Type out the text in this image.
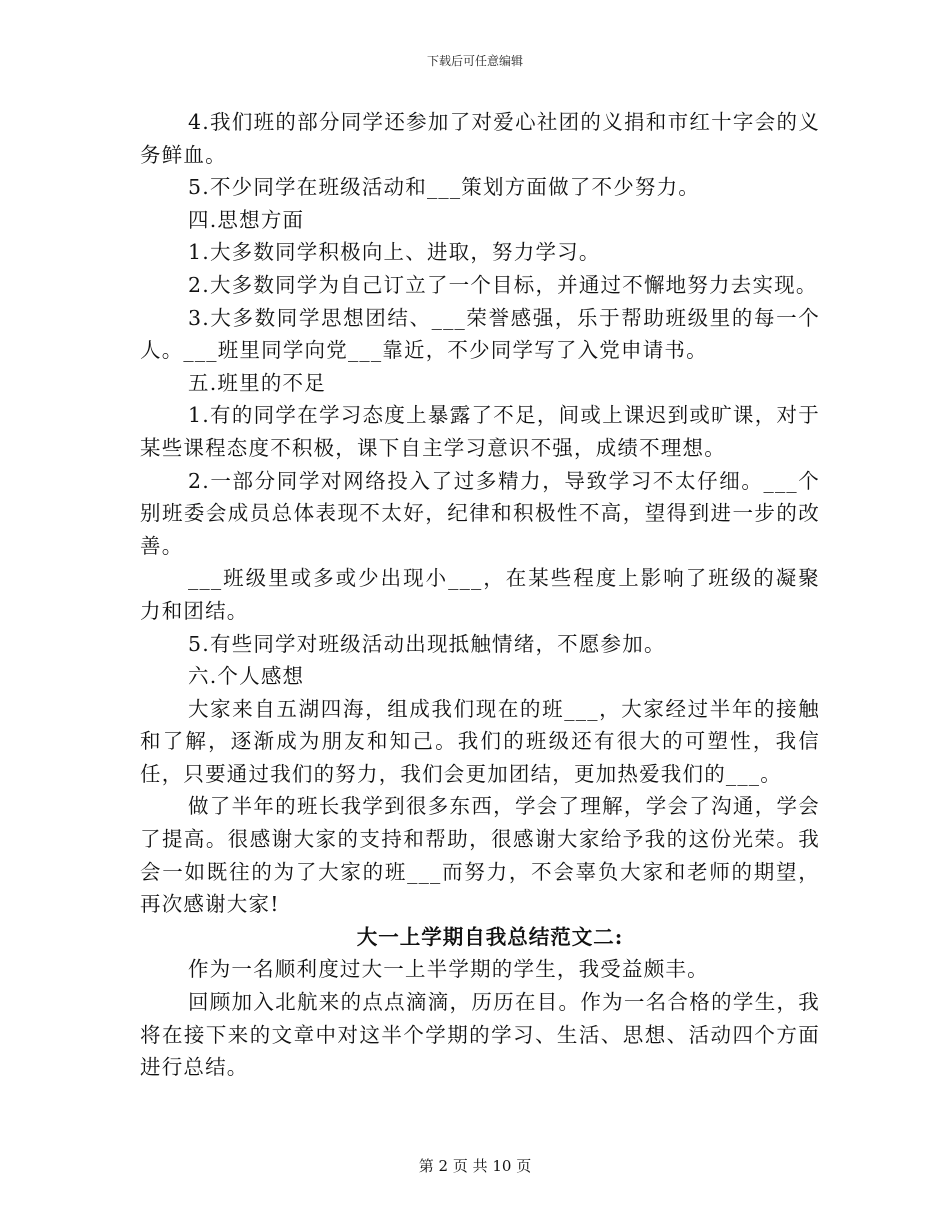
下载后可任意编辑

4.我们班的部分同学还参加了对爱心社团的义捐和市红十字会的义务鲜血。

5.不少同学在班级活动和___策划方面做了不少努力。

四.思想方面

1.大多数同学积极向上、进取，努力学习。

2.大多数同学为自己订立了一个目标，并通过不懈地努力去实现。

3.大多数同学思想团结、___荣誉感强，乐于帮助班级里的每一个人。___班里同学向党___靠近，不少同学写了入党申请书。

五.班里的不足

1.有的同学在学习态度上暴露了不足，间或上课迟到或旷课，对于某些课程态度不积极，课下自主学习意识不强，成绩不理想。

2.一部分同学对网络投入了过多精力，导致学习不太仔细。___个别班委会成员总体表现不太好，纪律和积极性不高，望得到进一步的改善。

___班级里或多或少出现小___，在某些程度上影响了班级的凝聚力和团结。

5.有些同学对班级活动出现抵触情绪，不愿参加。

六.个人感想

大家来自五湖四海，组成我们现在的班___，大家经过半年的接触和了解，逐渐成为朋友和知己。我们的班级还有很大的可塑性，我信任，只要通过我们的努力，我们会更加团结，更加热爱我们的___。

做了半年的班长我学到很多东西，学会了理解，学会了沟通，学会了提高。很感谢大家的支持和帮助，很感谢大家给予我的这份光荣。我会一如既往的为了大家的班___而努力，不会辜负大家和老师的期望，再次感谢大家!

大一上学期自我总结范文二:

作为一名顺利度过大一上半学期的学生，我受益颇丰。

回顾加入北航来的点点滴滴，历历在目。作为一名合格的学生，我将在接下来的文章中对这半个学期的学习、生活、思想、活动四个方面进行总结。

第 2 页 共 10 页
